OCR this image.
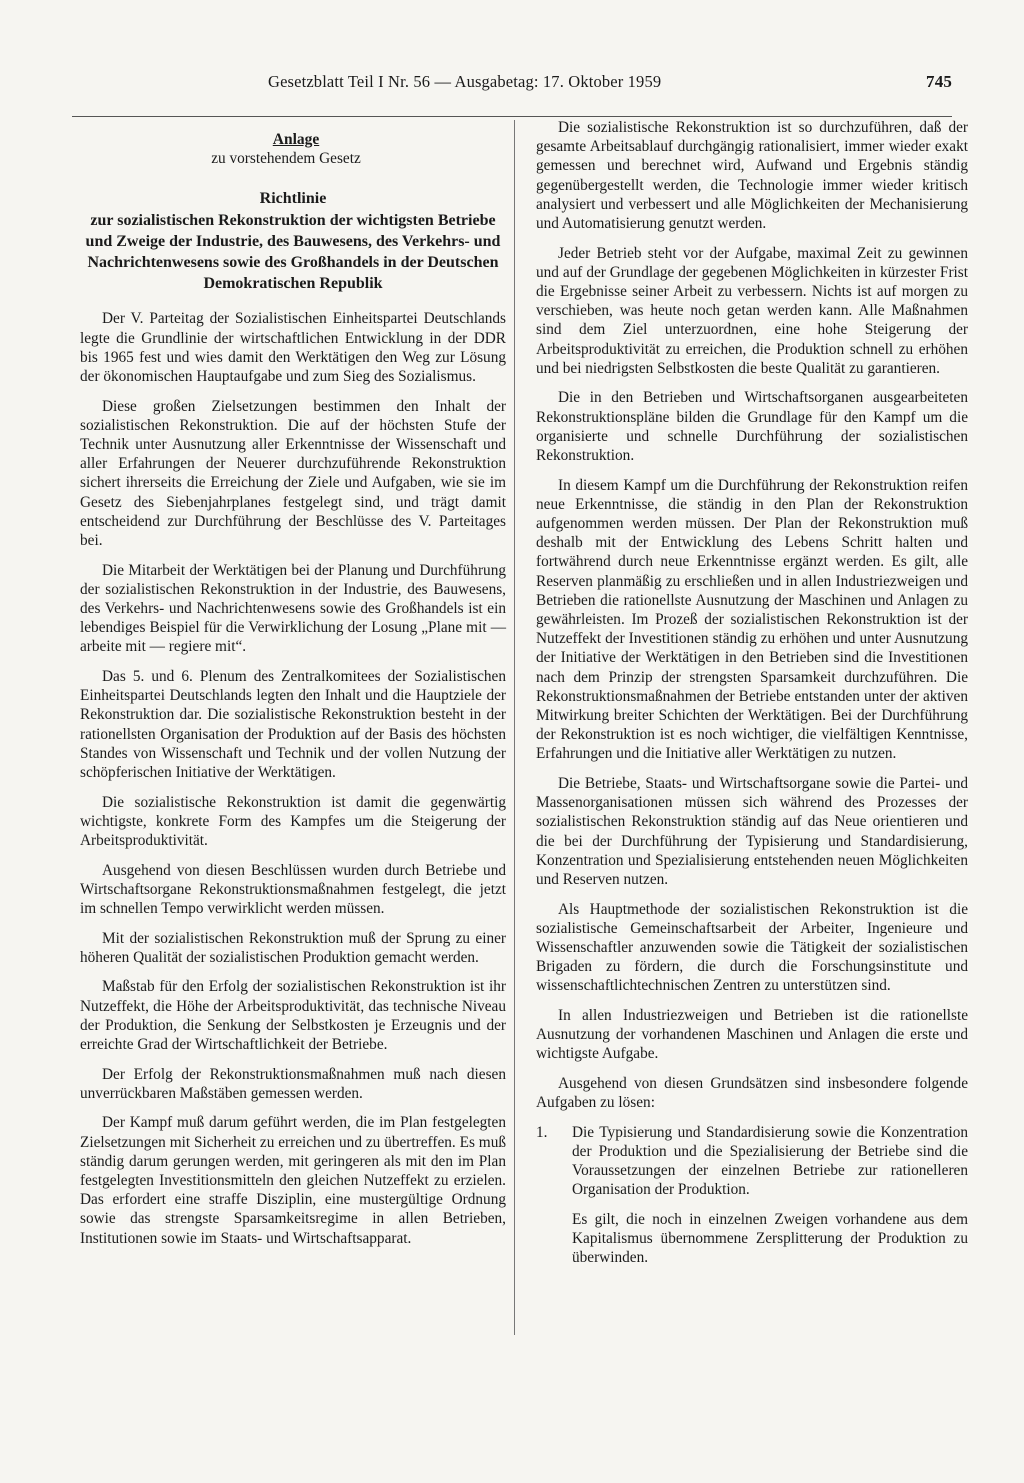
Gesetzblatt Teil I Nr. 56 — Ausgabetag: 17. Oktober 1959	745
Anlage
zu vorstehendem Gesetz
Richtlinie
zur sozialistischen Rekonstruktion der wichtigsten Betriebe und Zweige der Industrie, des Bauwesens, des Verkehrs- und Nachrichtenwesens sowie des Großhandels in der Deutschen Demokratischen Republik

Der V. Parteitag der Sozialistischen Einheitspartei Deutschlands legte die Grundlinie der wirtschaftlichen Entwicklung in der DDR bis 1965 fest und wies damit den Werktätigen den Weg zur Lösung der ökonomischen Hauptaufgabe und zum Sieg des Sozialismus.

Diese großen Zielsetzungen bestimmen den Inhalt der sozialistischen Rekonstruktion. Die auf der höchsten Stufe der Technik unter Ausnutzung aller Erkenntnisse der Wissenschaft und aller Erfahrungen der Neuerer durchzuführende Rekonstruktion sichert ihrerseits die Erreichung der Ziele und Aufgaben, wie sie im Gesetz des Siebenjahrplanes festgelegt sind, und trägt damit entscheidend zur Durchführung der Beschlüsse des V. Parteitages bei.

Die Mitarbeit der Werktätigen bei der Planung und Durchführung der sozialistischen Rekonstruktion in der Industrie, des Bauwesens, des Verkehrs- und Nachrichtenwesens sowie des Großhandels ist ein lebendiges Beispiel für die Verwirklichung der Losung „Plane mit — arbeite mit — regiere mit“.

Das 5. und 6. Plenum des Zentralkomitees der Sozialistischen Einheitspartei Deutschlands legten den Inhalt und die Hauptziele der Rekonstruktion dar. Die sozialistische Rekonstruktion besteht in der rationellsten Organisation der Produktion auf der Basis des höchsten Standes von Wissenschaft und Technik und der vollen Nutzung der schöpferischen Initiative der Werktätigen.

Die sozialistische Rekonstruktion ist damit die gegenwärtig wichtigste, konkrete Form des Kampfes um die Steigerung der Arbeitsproduktivität.

Ausgehend von diesen Beschlüssen wurden durch Betriebe und Wirtschaftsorgane Rekonstruktionsmaßnahmen festgelegt, die jetzt im schnellen Tempo verwirklicht werden müssen.

Mit der sozialistischen Rekonstruktion muß der Sprung zu einer höheren Qualität der sozialistischen Produktion gemacht werden.

Maßstab für den Erfolg der sozialistischen Rekonstruktion ist ihr Nutzeffekt, die Höhe der Arbeitsproduktivität, das technische Niveau der Produktion, die Senkung der Selbstkosten je Erzeugnis und der erreichte Grad der Wirtschaftlichkeit der Betriebe.

Der Erfolg der Rekonstruktionsmaßnahmen muß nach diesen unverrückbaren Maßstäben gemessen werden.

Der Kampf muß darum geführt werden, die im Plan festgelegten Zielsetzungen mit Sicherheit zu erreichen und zu übertreffen. Es muß ständig darum gerungen werden, mit geringeren als mit den im Plan festgelegten Investitionsmitteln den gleichen Nutzeffekt zu erzielen. Das erfordert eine straffe Disziplin, eine mustergültige Ordnung sowie das strengste Sparsamkeitsregime in allen Betrieben, Institutionen sowie im Staats- und Wirtschaftsapparat.

Die sozialistische Rekonstruktion ist so durchzuführen, daß der gesamte Arbeitsablauf durchgängig rationalisiert, immer wieder exakt gemessen und berechnet wird, Aufwand und Ergebnis ständig gegenübergestellt werden, die Technologie immer wieder kritisch analysiert und verbessert und alle Möglichkeiten der Mechanisierung und Automatisierung genutzt werden.

Jeder Betrieb steht vor der Aufgabe, maximal Zeit zu gewinnen und auf der Grundlage der gegebenen Möglichkeiten in kürzester Frist die Ergebnisse seiner Arbeit zu verbessern. Nichts ist auf morgen zu verschieben, was heute noch getan werden kann. Alle Maßnahmen sind dem Ziel unterzuordnen, eine hohe Steigerung der Arbeitsproduktivität zu erreichen, die Produktion schnell zu erhöhen und bei niedrigsten Selbstkosten die beste Qualität zu garantieren.

Die in den Betrieben und Wirtschaftsorganen ausgearbeiteten Rekonstruktionspläne bilden die Grundlage für den Kampf um die organisierte und schnelle Durchführung der sozialistischen Rekonstruktion.

In diesem Kampf um die Durchführung der Rekonstruktion reifen neue Erkenntnisse, die ständig in den Plan der Rekonstruktion aufgenommen werden müssen. Der Plan der Rekonstruktion muß deshalb mit der Entwicklung des Lebens Schritt halten und fortwährend durch neue Erkenntnisse ergänzt werden. Es gilt, alle Reserven planmäßig zu erschließen und in allen Industriezweigen und Betrieben die rationellste Ausnutzung der Maschinen und Anlagen zu gewährleisten. Im Prozeß der sozialistischen Rekonstruktion ist der Nutzeffekt der Investitionen ständig zu erhöhen und unter Ausnutzung der Initiative der Werktätigen in den Betrieben sind die Investitionen nach dem Prinzip der strengsten Sparsamkeit durchzuführen. Die Rekonstruktionsmaßnahmen der Betriebe entstanden unter der aktiven Mitwirkung breiter Schichten der Werktätigen. Bei der Durchführung der Rekonstruktion ist es noch wichtiger, die vielfältigen Kenntnisse, Erfahrungen und die Initiative aller Werktätigen zu nutzen.

Die Betriebe, Staats- und Wirtschaftsorgane sowie die Partei- und Massenorganisationen müssen sich während des Prozesses der sozialistischen Rekonstruktion ständig auf das Neue orientieren und die bei der Durchführung der Typisierung und Standardisierung, Konzentration und Spezialisierung entstehenden neuen Möglichkeiten und Reserven nutzen.

Als Hauptmethode der sozialistischen Rekonstruktion ist die sozialistische Gemeinschaftsarbeit der Arbeiter, Ingenieure und Wissenschaftler anzuwenden sowie die Tätigkeit der sozialistischen Brigaden zu fördern, die durch die Forschungsinstitute und wissenschaftlichtechnischen Zentren zu unterstützen sind.

In allen Industriezweigen und Betrieben ist die rationellste Ausnutzung der vorhandenen Maschinen und Anlagen die erste und wichtigste Aufgabe.

Ausgehend von diesen Grundsätzen sind insbesondere folgende Aufgaben zu lösen:

1. Die Typisierung und Standardisierung sowie die Konzentration der Produktion und die Spezialisierung der Betriebe sind die Voraussetzungen der einzelnen Betriebe zur rationelleren Organisation der Produktion.

Es gilt, die noch in einzelnen Zweigen vorhandene aus dem Kapitalismus übernommene Zersplitterung der Produktion zu überwinden.
